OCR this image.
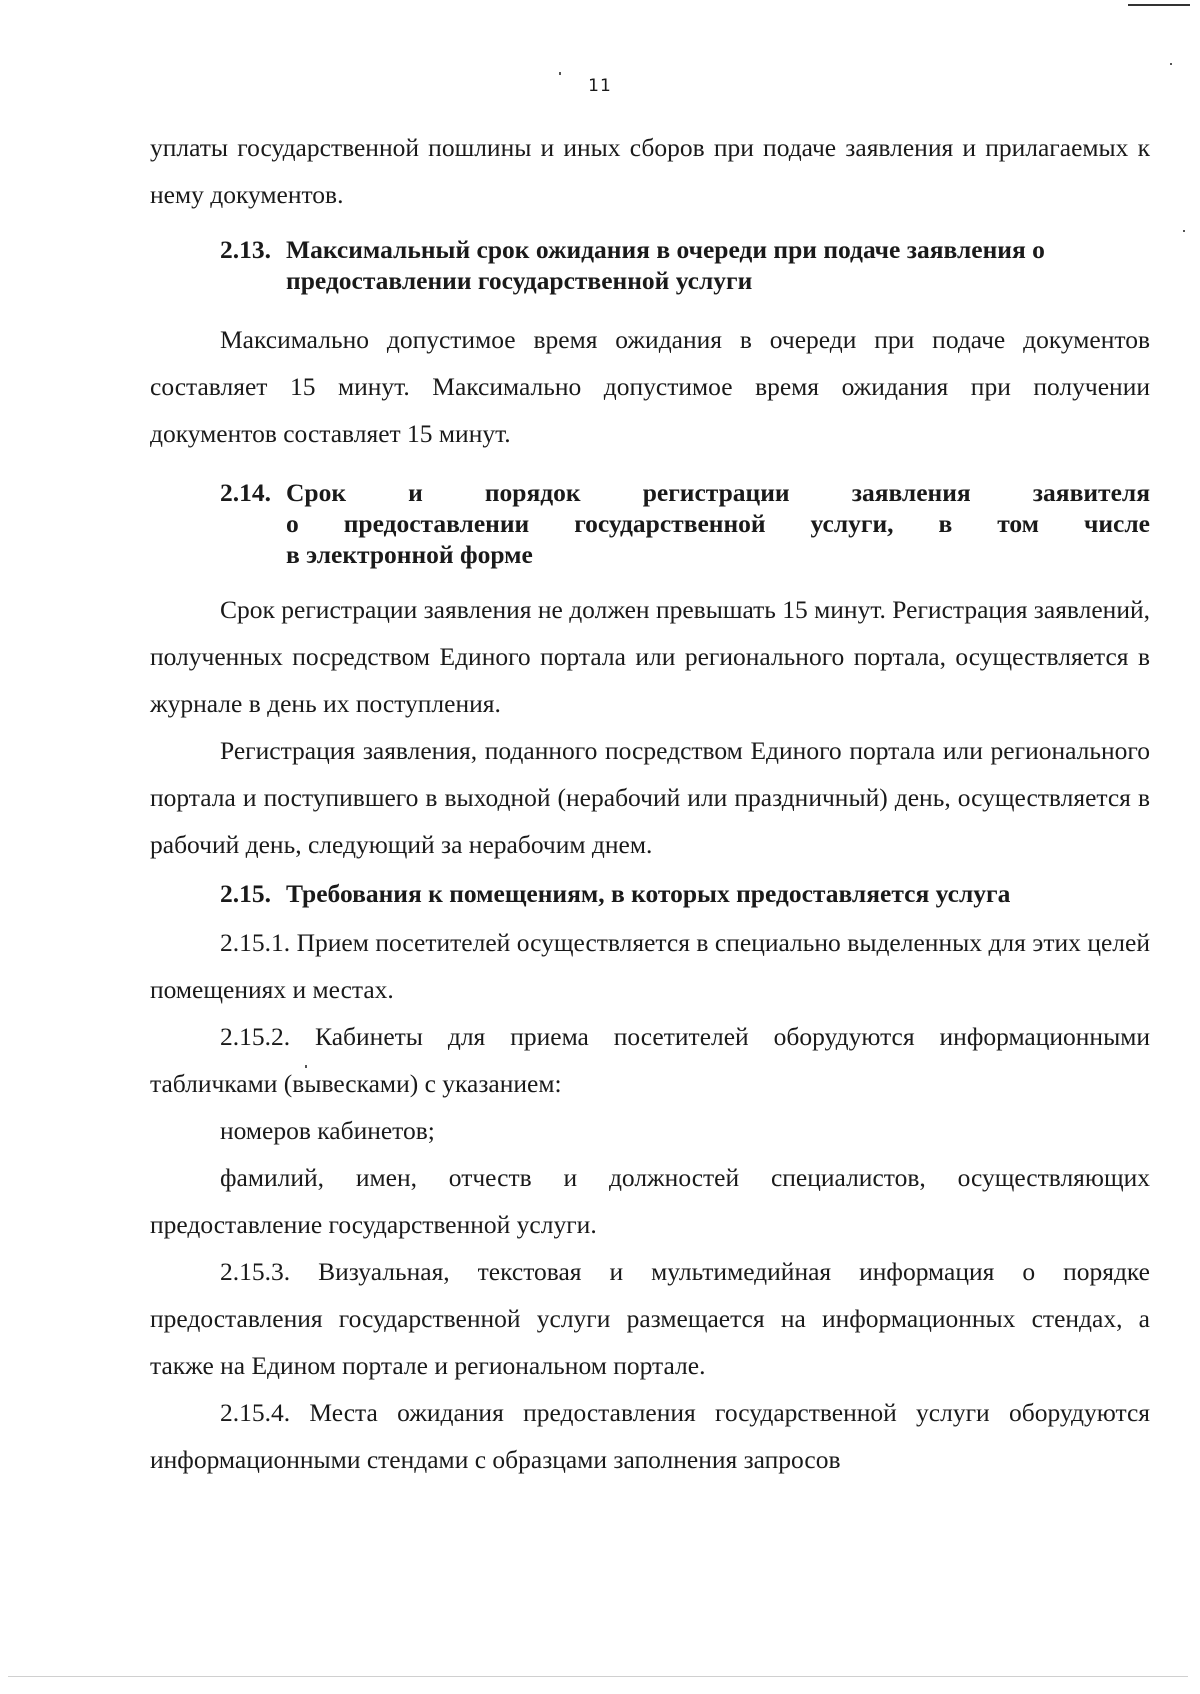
11

уплаты государственной пошлины и иных сборов при подаче заявления и прилагаемых к нему документов.

2.13. Максимальный срок ожидания в очереди при подаче заявления о
предоставлении государственной услуги

Максимально допустимое время ожидания в очереди при подаче документов составляет 15 минут. Максимально допустимое время ожидания при получении документов составляет 15 минут.

2.14. Срок и порядок регистрации заявления заявителя
о предоставлении государственной услуги, в том числе
в электронной форме

Срок регистрации заявления не должен превышать 15 минут. Регистрация заявлений, полученных посредством Единого портала или регионального портала, осуществляется в журнале в день их поступления.

Регистрация заявления, поданного посредством Единого портала или регионального портала и поступившего в выходной (нерабочий или праздничный) день, осуществляется в рабочий день, следующий за нерабочим днем.

2.15. Требования к помещениям, в которых предоставляется услуга

2.15.1. Прием посетителей осуществляется в специально выделенных для этих целей помещениях и местах.

2.15.2. Кабинеты для приема посетителей оборудуются информационными табличками (вывесками) с указанием:

номеров кабинетов;

фамилий, имен, отчеств и должностей специалистов, осуществляющих предоставление государственной услуги.

2.15.3. Визуальная, текстовая и мультимедийная информация о порядке предоставления государственной услуги размещается на информационных стендах, а также на Едином портале и региональном портале.

2.15.4. Места ожидания предоставления государственной услуги оборудуются информационными стендами с образцами заполнения запросов
